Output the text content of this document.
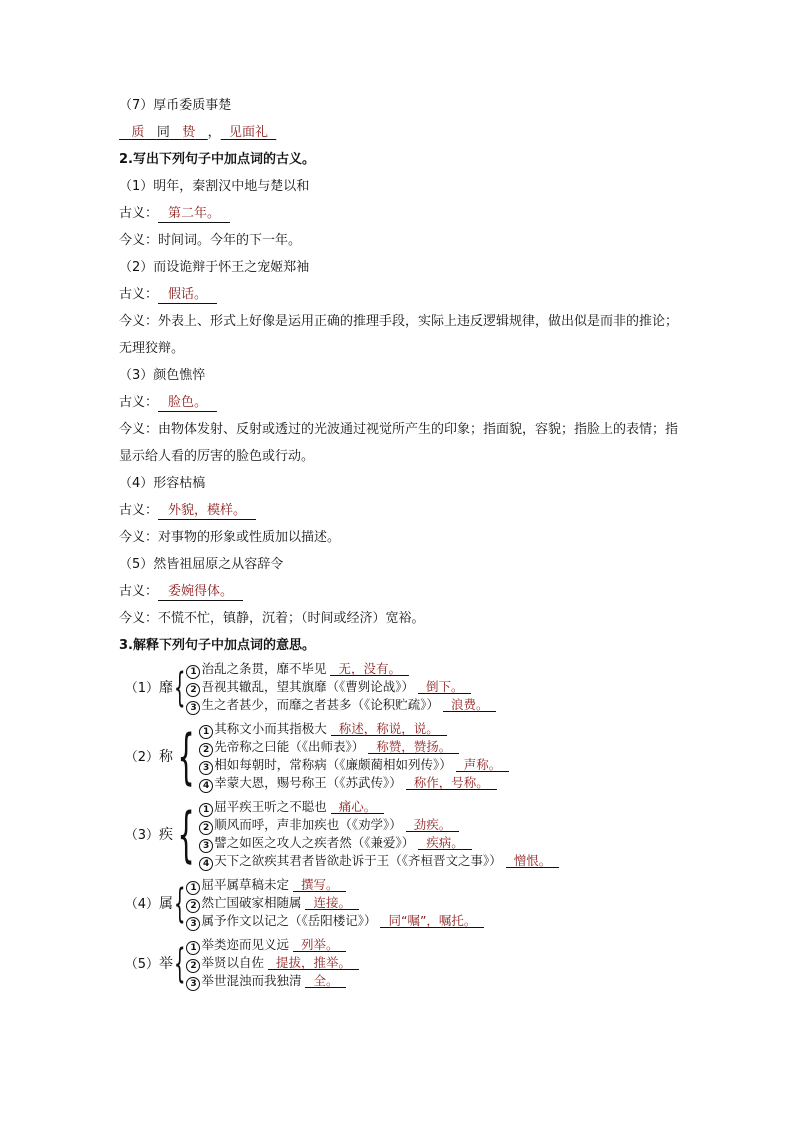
（7）厚币委质事楚
质 同 贽 ， 见面礼
2.写出下列句子中加点词的古义。
（1）明年，秦割汉中地与楚以和
古义： 第二年。
今义：时间词。今年的下一年。
（2）而设诡辩于怀王之宠姬郑袖
古义： 假话。
今义：外表上、形式上好像是运用正确的推理手段，实际上违反逻辑规律，做出似是而非的推论；无理狡辩。
（3）颜色憔悴
古义： 脸色。
今义：由物体发射、反射或透过的光波通过视觉所产生的印象；指面貌，容貌；指脸上的表情；指显示给人看的厉害的脸色或行动。
（4）形容枯槁
古义： 外貌，模样。
今义：对事物的形象或性质加以描述。
（5）然皆祖屈原之从容辞令
古义： 委婉得体。
今义：不慌不忙，镇静，沉着；（时间或经济）宽裕。
3.解释下列句子中加点词的意思。
（1）靡 { 1 治乱之条贯，靡不毕见 无，没有。
2 吾视其辙乱，望其旗靡（《曹刿论战》） 倒下。
3 生之者甚少，而靡之者甚多（《论积贮疏》） 浪费。
（2）称 { 1 其称文小而其指极大 称述，称说，说。
2 先帝称之曰能（《出师表》） 称赞，赞扬。
3 相如每朝时，常称病（《廉颇蔺相如列传》） 声称。
4 幸蒙大恩，赐号称王（《苏武传》） 称作，号称。
（3）疾 { 1 屈平疾王听之不聪也 痛心。
2 顺风而呼，声非加疾也（《劝学》） 劲疾。
3 譬之如医之攻人之疾者然（《兼爱》） 疾病。
4 天下之欲疾其君者皆欲赴诉于王（《齐桓晋文之事》） 憎恨。
（4）属 { 1 屈平属草稿未定 撰写。
2 然亡国破家相随属 连接。
3 属予作文以记之（《岳阳楼记》） 同“嘱”，嘱托。
（5）举 { 1 举类迩而见义远 列举。
2 举贤以自佐 提拔，推举。
3 举世混浊而我独清 全。
